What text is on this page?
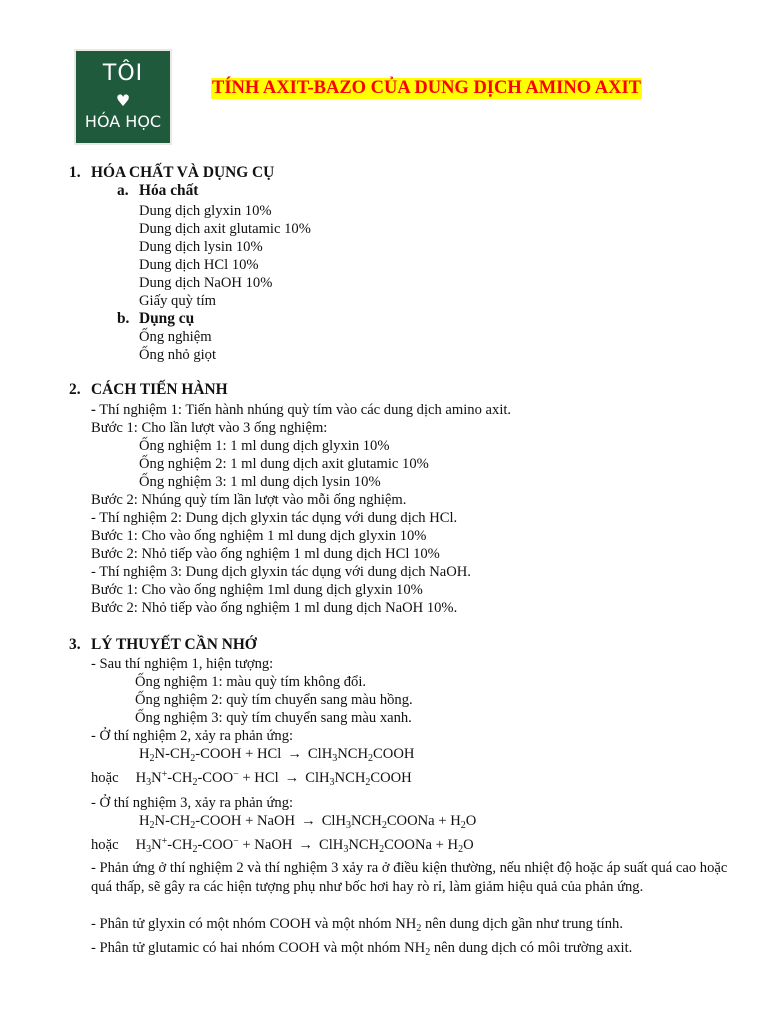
TÔI
♥
HÓA HỌC
TÍNH AXIT-BAZO CỦA DUNG DỊCH AMINO AXIT
1. HÓA CHẤT VÀ DỤNG CỤ
a. Hóa chất
Dung dịch glyxin 10%
Dung dịch axit glutamic 10%
Dung dịch lysin 10%
Dung dịch HCl 10%
Dung dịch NaOH 10%
Giấy quỳ tím
b. Dụng cụ
Ống nghiệm
Ống nhỏ giọt
2. CÁCH TIẾN HÀNH
- Thí nghiệm 1: Tiến hành nhúng quỳ tím vào các dung dịch amino axit.
Bước 1: Cho lần lượt vào 3 ống nghiệm:
Ống nghiệm 1: 1 ml dung dịch glyxin 10%
Ống nghiệm 2: 1 ml dung dịch axit glutamic 10%
Ống nghiệm 3: 1 ml dung dịch lysin 10%
Bước 2: Nhúng quỳ tím lần lượt vào mỗi ống nghiệm.
- Thí nghiệm 2: Dung dịch glyxin tác dụng với dung dịch HCl.
Bước 1: Cho vào ống nghiệm 1 ml dung dịch glyxin 10%
Bước 2: Nhỏ tiếp vào ống nghiệm 1 ml dung dịch HCl 10%
- Thí nghiệm 3: Dung dịch glyxin tác dụng với dung dịch NaOH.
Bước 1: Cho vào ống nghiệm 1ml dung dịch glyxin 10%
Bước 2: Nhỏ tiếp vào ống nghiệm 1 ml dung dịch NaOH 10%.
3. LÝ THUYẾT CẦN NHỚ
- Sau thí nghiệm 1, hiện tượng:
Ống nghiệm 1: màu quỳ tím không đổi.
Ống nghiệm 2: quỳ tím chuyển sang màu hồng.
Ống nghiệm 3: quỳ tím chuyển sang màu xanh.
- Ở thí nghiệm 2, xảy ra phản ứng:
$H_2N-CH_2$-COOH + HCl → $ClH_3NCH_2COOH$
hoặc $H_3N^+-CH_2-COO^-$ + HCl → $ClH_3NCH_2COOH$
- Ở thí nghiệm 3, xảy ra phản ứng:
$H_2N-CH_2$-COOH + NaOH → $ClH_3NCH_2COONa + H_2O$
hoặc $H_3N^+-CH_2-COO^-$ + NaOH → $ClH_3NCH_2COONa + H_2O$
- Phản ứng ở thí nghiệm 2 và thí nghiệm 3 xảy ra ở điều kiện thường, nếu nhiệt độ hoặc áp suất quá cao hoặc quá thấp, sẽ gây ra các hiện tượng phụ như bốc hơi hay rò rỉ, làm giảm hiệu quả của phản ứng.
- Phân tử glyxin có một nhóm COOH và một nhóm $NH_2$ nên dung dịch gần như trung tính.
- Phân tử glutamic có hai nhóm COOH và một nhóm $NH_2$ nên dung dịch có môi trường axit.
